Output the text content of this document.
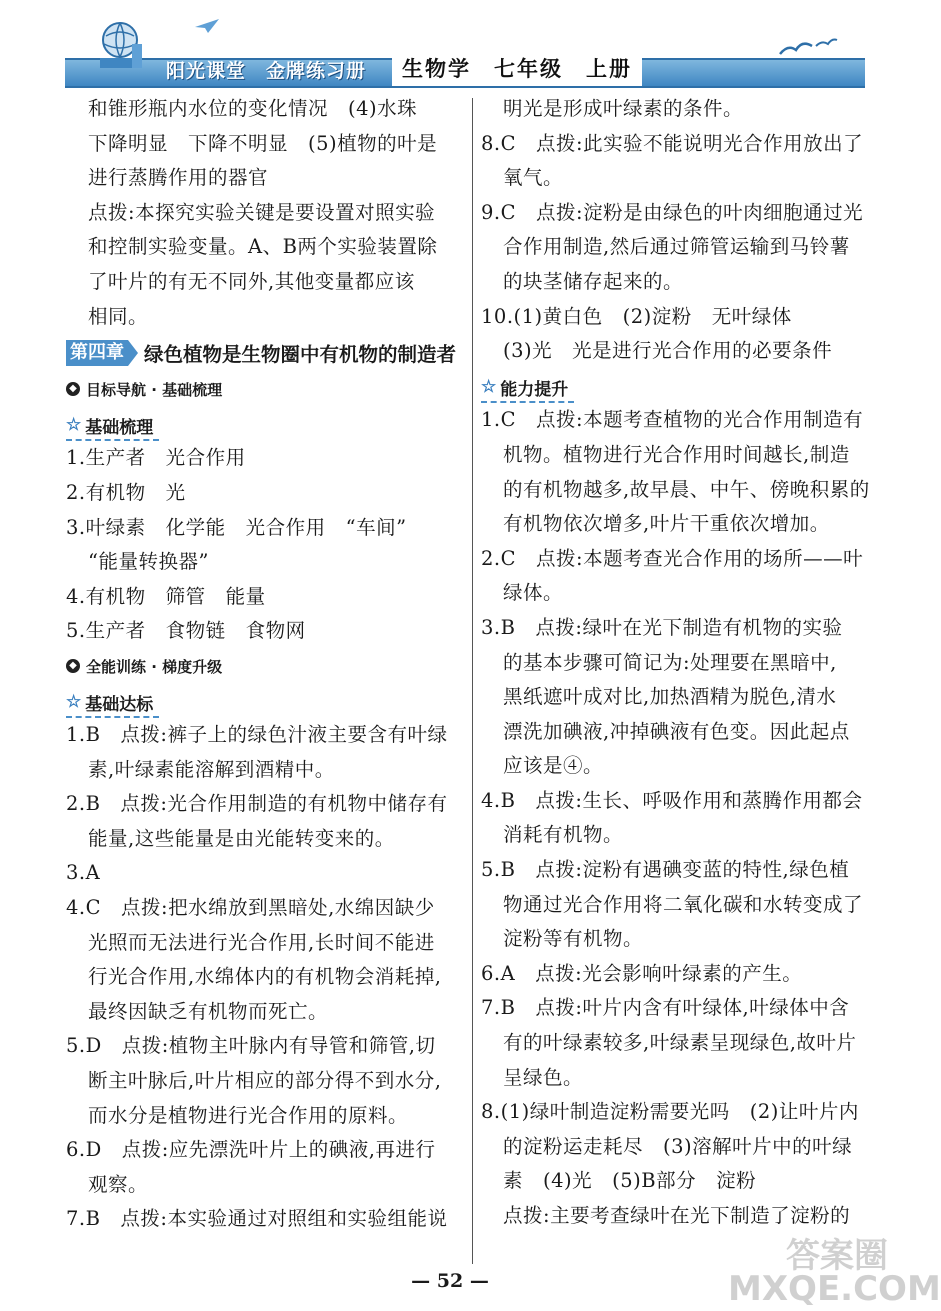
阳光课堂　金牌练习册	生物学　七年级　上册
和锥形瓶内水位的变化情况　(4)水珠
下降明显　下降不明显　(5)植物的叶是
进行蒸腾作用的器官
点拨:本探究实验关键是要设置对照实验
和控制实验变量。A、B两个实验装置除
了叶片的有无不同外,其他变量都应该
相同。
第四章 绿色植物是生物圈中有机物的制造者
◆ 目标导航 · 基础梳理
☆ 基础梳理
1.生产者　光合作用
2.有机物　光
3.叶绿素　化学能　光合作用　“车间”
“能量转换器”
4.有机物　筛管　能量
5.生产者　食物链　食物网
◆ 全能训练 · 梯度升级
☆ 基础达标
1.B　点拨:裤子上的绿色汁液主要含有叶绿
素,叶绿素能溶解到酒精中。
2.B　点拨:光合作用制造的有机物中储存有
能量,这些能量是由光能转变来的。
3.A
4.C　点拨:把水绵放到黑暗处,水绵因缺少
光照而无法进行光合作用,长时间不能进
行光合作用,水绵体内的有机物会消耗掉,
最终因缺乏有机物而死亡。
5.D　点拨:植物主叶脉内有导管和筛管,切
断主叶脉后,叶片相应的部分得不到水分,
而水分是植物进行光合作用的原料。
6.D　点拨:应先漂洗叶片上的碘液,再进行
观察。
7.B　点拨:本实验通过对照组和实验组能说
明光是形成叶绿素的条件。
8.C　点拨:此实验不能说明光合作用放出了
氧气。
9.C　点拨:淀粉是由绿色的叶肉细胞通过光
合作用制造,然后通过筛管运输到马铃薯
的块茎储存起来的。
10.(1)黄白色　(2)淀粉　无叶绿体
(3)光　光是进行光合作用的必要条件
☆ 能力提升
1.C　点拨:本题考查植物的光合作用制造有
机物。植物进行光合作用时间越长,制造
的有机物越多,故早晨、中午、傍晚积累的
有机物依次增多,叶片干重依次增加。
2.C　点拨:本题考查光合作用的场所——叶
绿体。
3.B　点拨:绿叶在光下制造有机物的实验
的基本步骤可简记为:处理要在黑暗中,
黑纸遮叶成对比,加热酒精为脱色,清水
漂洗加碘液,冲掉碘液有色变。因此起点
应该是④。
4.B　点拨:生长、呼吸作用和蒸腾作用都会
消耗有机物。
5.B　点拨:淀粉有遇碘变蓝的特性,绿色植
物通过光合作用将二氧化碳和水转变成了
淀粉等有机物。
6.A　点拨:光会影响叶绿素的产生。
7.B　点拨:叶片内含有叶绿体,叶绿体中含
有的叶绿素较多,叶绿素呈现绿色,故叶片
呈绿色。
8.(1)绿叶制造淀粉需要光吗　(2)让叶片内
的淀粉运走耗尽　(3)溶解叶片中的叶绿
素　(4)光　(5)B部分　淀粉
点拨:主要考查绿叶在光下制造了淀粉的
— 52 —
答案圈
MXQE.COM
